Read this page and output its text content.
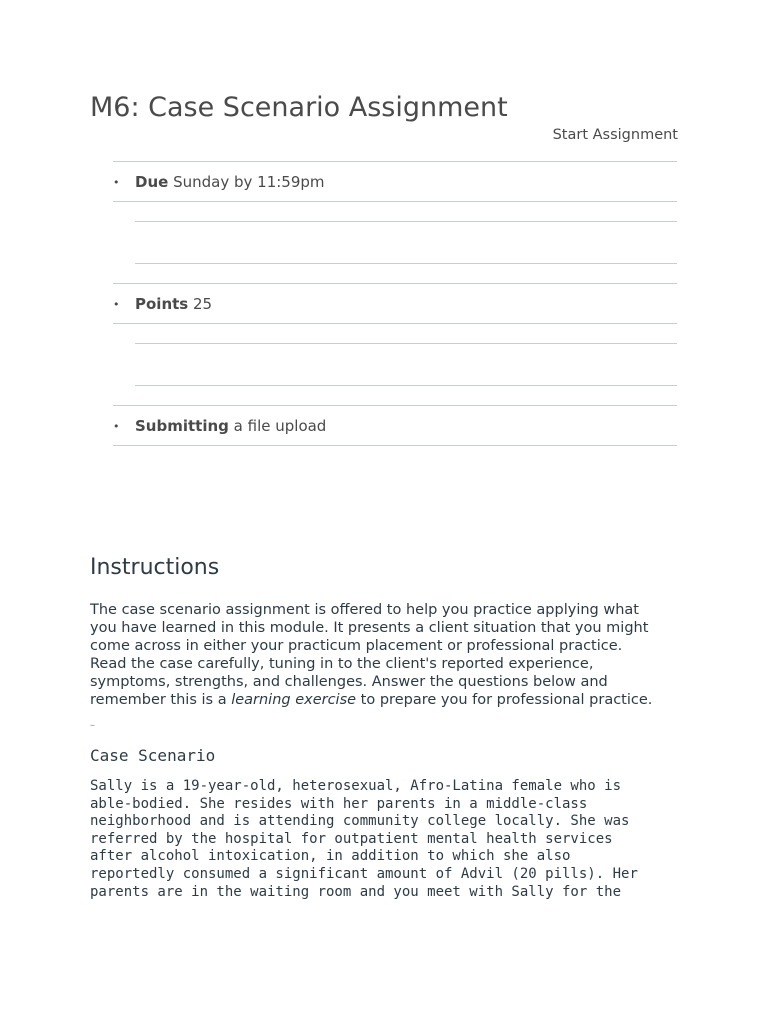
M6: Case Scenario Assignment
Start Assignment
• Due Sunday by 11:59pm
• Points 25
• Submitting a file upload
Instructions

The case scenario assignment is offered to help you practice applying what
you have learned in this module. It presents a client situation that you might
come across in either your practicum placement or professional practice.
Read the case carefully, tuning in to the client's reported experience,
symptoms, strengths, and challenges. Answer the questions below and
remember this is a learning exercise to prepare you for professional practice.

–
Case Scenario
Sally is a 19-year-old, heterosexual, Afro-Latina female who is
able-bodied. She resides with her parents in a middle-class
neighborhood and is attending community college locally. She was
referred by the hospital for outpatient mental health services
after alcohol intoxication, in addition to which she also
reportedly consumed a significant amount of Advil (20 pills). Her
parents are in the waiting room and you meet with Sally for the
